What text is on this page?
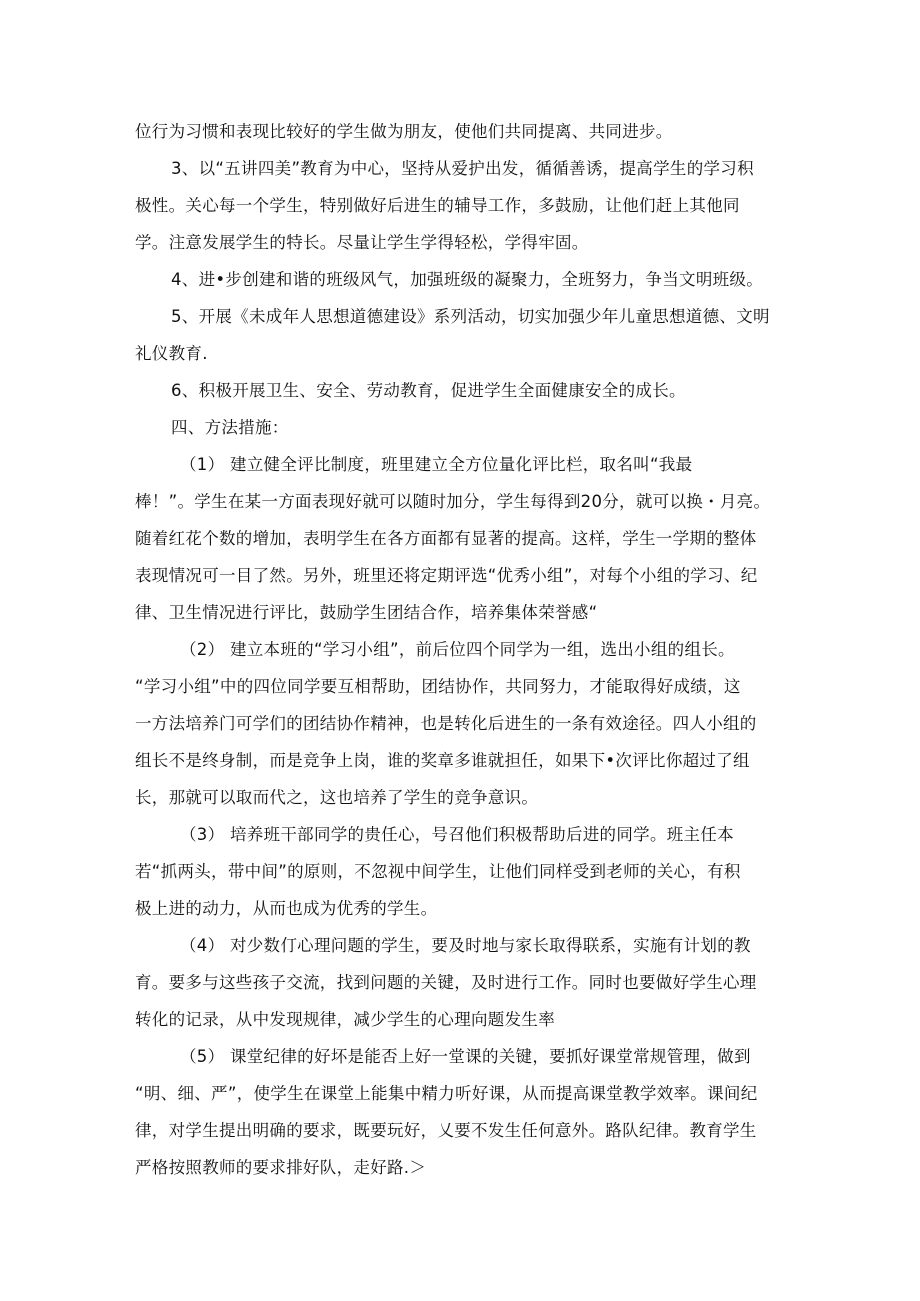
位行为习惯和表现比较好的学生做为朋友，使他们共同提离、共同进步。
3、以“五讲四美”教育为中心，坚持从爱护出发，循循善诱，提高学生的学习积
极性。关心每一个学生，特别做好后进生的辅导工作，多鼓励，让他们赶上其他同
学。注意发展学生的特长。尽量让学生学得轻松，学得牢固。
4、进•步创建和谐的班级风气，加强班级的凝聚力，全班努力，争当文明班级。
5、开展《未成年人思想道德建设》系列活动，切实加强少年儿童思想道德、文明
礼仪教育.
6、积极开展卫生、安全、劳动教育，促进学生全面健康安全的成长。
四、方法措施：
（1） 建立健全评比制度，班里建立全方位量化评比栏，取名叫“我最
棒！”。学生在某一方面表现好就可以随时加分，学生每得到20分，就可以换・月亮。
随着红花个数的增加，表明学生在各方面都有显著的提高。这样，学生一学期的整体
表现情况可一目了然。另外，班里还将定期评选“优秀小组”，对每个小组的学习、纪
律、卫生情况进行评比，鼓励学生团结合作，培养集体荣誉感“
（2） 建立本班的“学习小组”，前后位四个同学为一组，选出小组的组长。
“学习小组”中的四位同学要互相帮助，团结协作，共同努力，才能取得好成绩，这
一方法培养门可学们的团结协作精神，也是转化后进生的一条有效途径。四人小组的
组长不是终身制，而是竞争上岗，谁的奖章多谁就担任，如果下•次评比你超过了组
长，那就可以取而代之，这也培养了学生的竞争意识。
（3） 培养班干部同学的贵任心，号召他们积极帮助后进的同学。班主任本
若“抓两头，带中间”的原则，不忽视中间学生，让他们同样受到老师的关心，有积
极上进的动力，从而也成为优秀的学生。
（4） 对少数仃心理问题的学生，要及时地与家长取得联系，实施有计划的教
育。要多与这些孩子交流，找到问题的关键，及时进行工作。同时也要做好学生心理
转化的记录，从中发现规律，减少学生的心理向题发生率
（5） 课堂纪律的好坏是能否上好一堂课的关键，要抓好课堂常规管理，做到
“明、细、严”，使学生在课堂上能集中精力听好课，从而提高课堂教学效率。课间纪
律，对学生提出明确的要求，既要玩好，乂要不发生任何意外。路队纪律。教育学生
严格按照教师的要求排好队，走好路.＞
